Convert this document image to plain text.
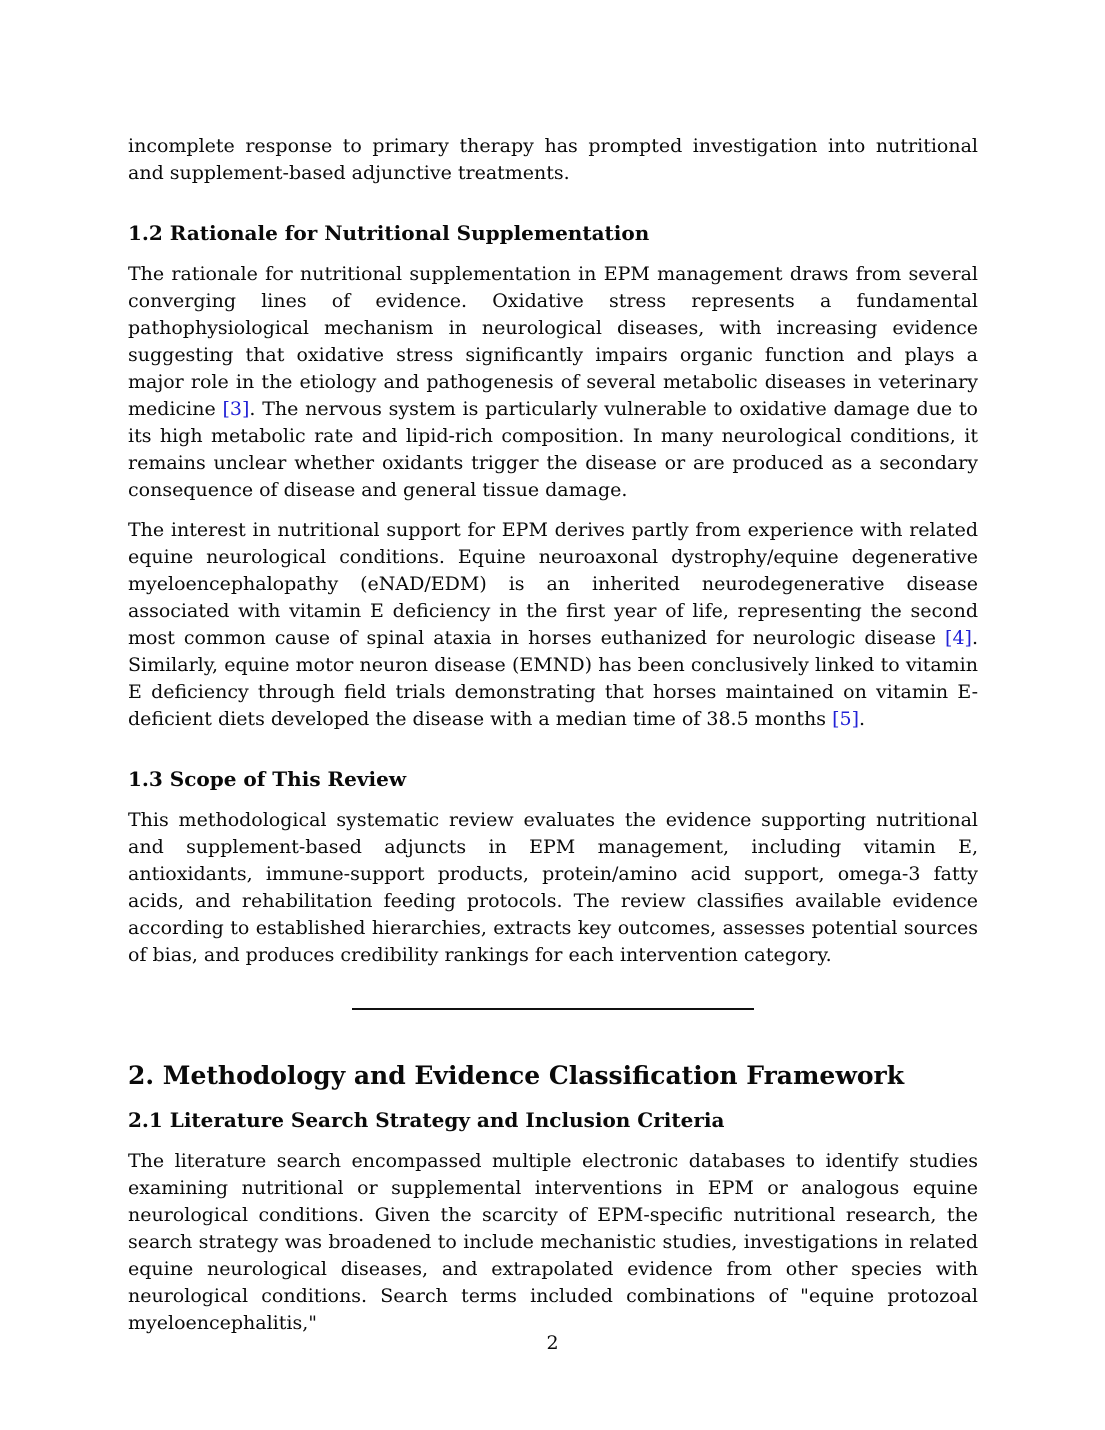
incomplete response to primary therapy has prompted investigation into nutritional and supplement-based adjunctive treatments.

1.2 Rationale for Nutritional Supplementation

The rationale for nutritional supplementation in EPM management draws from several converging lines of evidence. Oxidative stress represents a fundamental pathophysiological mechanism in neurological diseases, with increasing evidence suggesting that oxidative stress significantly impairs organic function and plays a major role in the etiology and pathogenesis of several metabolic diseases in veterinary medicine [3]. The nervous system is particularly vulnerable to oxidative damage due to its high metabolic rate and lipid-rich composition. In many neurological conditions, it remains unclear whether oxidants trigger the disease or are produced as a secondary consequence of disease and general tissue damage.

The interest in nutritional support for EPM derives partly from experience with related equine neurological conditions. Equine neuroaxonal dystrophy/equine degenerative myeloencephalopathy (eNAD/EDM) is an inherited neurodegenerative disease associated with vitamin E deficiency in the first year of life, representing the second most common cause of spinal ataxia in horses euthanized for neurologic disease [4]. Similarly, equine motor neuron disease (EMND) has been conclusively linked to vitamin E deficiency through field trials demonstrating that horses maintained on vitamin E-deficient diets developed the disease with a median time of 38.5 months [5].

1.3 Scope of This Review

This methodological systematic review evaluates the evidence supporting nutritional and supplement-based adjuncts in EPM management, including vitamin E, antioxidants, immune-support products, protein/amino acid support, omega-3 fatty acids, and rehabilitation feeding protocols. The review classifies available evidence according to established hierarchies, extracts key outcomes, assesses potential sources of bias, and produces credibility rankings for each intervention category.

2. Methodology and Evidence Classification Framework
2.1 Literature Search Strategy and Inclusion Criteria

The literature search encompassed multiple electronic databases to identify studies examining nutritional or supplemental interventions in EPM or analogous equine neurological conditions. Given the scarcity of EPM-specific nutritional research, the search strategy was broadened to include mechanistic studies, investigations in related equine neurological diseases, and extrapolated evidence from other species with neurological conditions. Search terms included combinations of "equine protozoal myeloencephalitis,"

2
